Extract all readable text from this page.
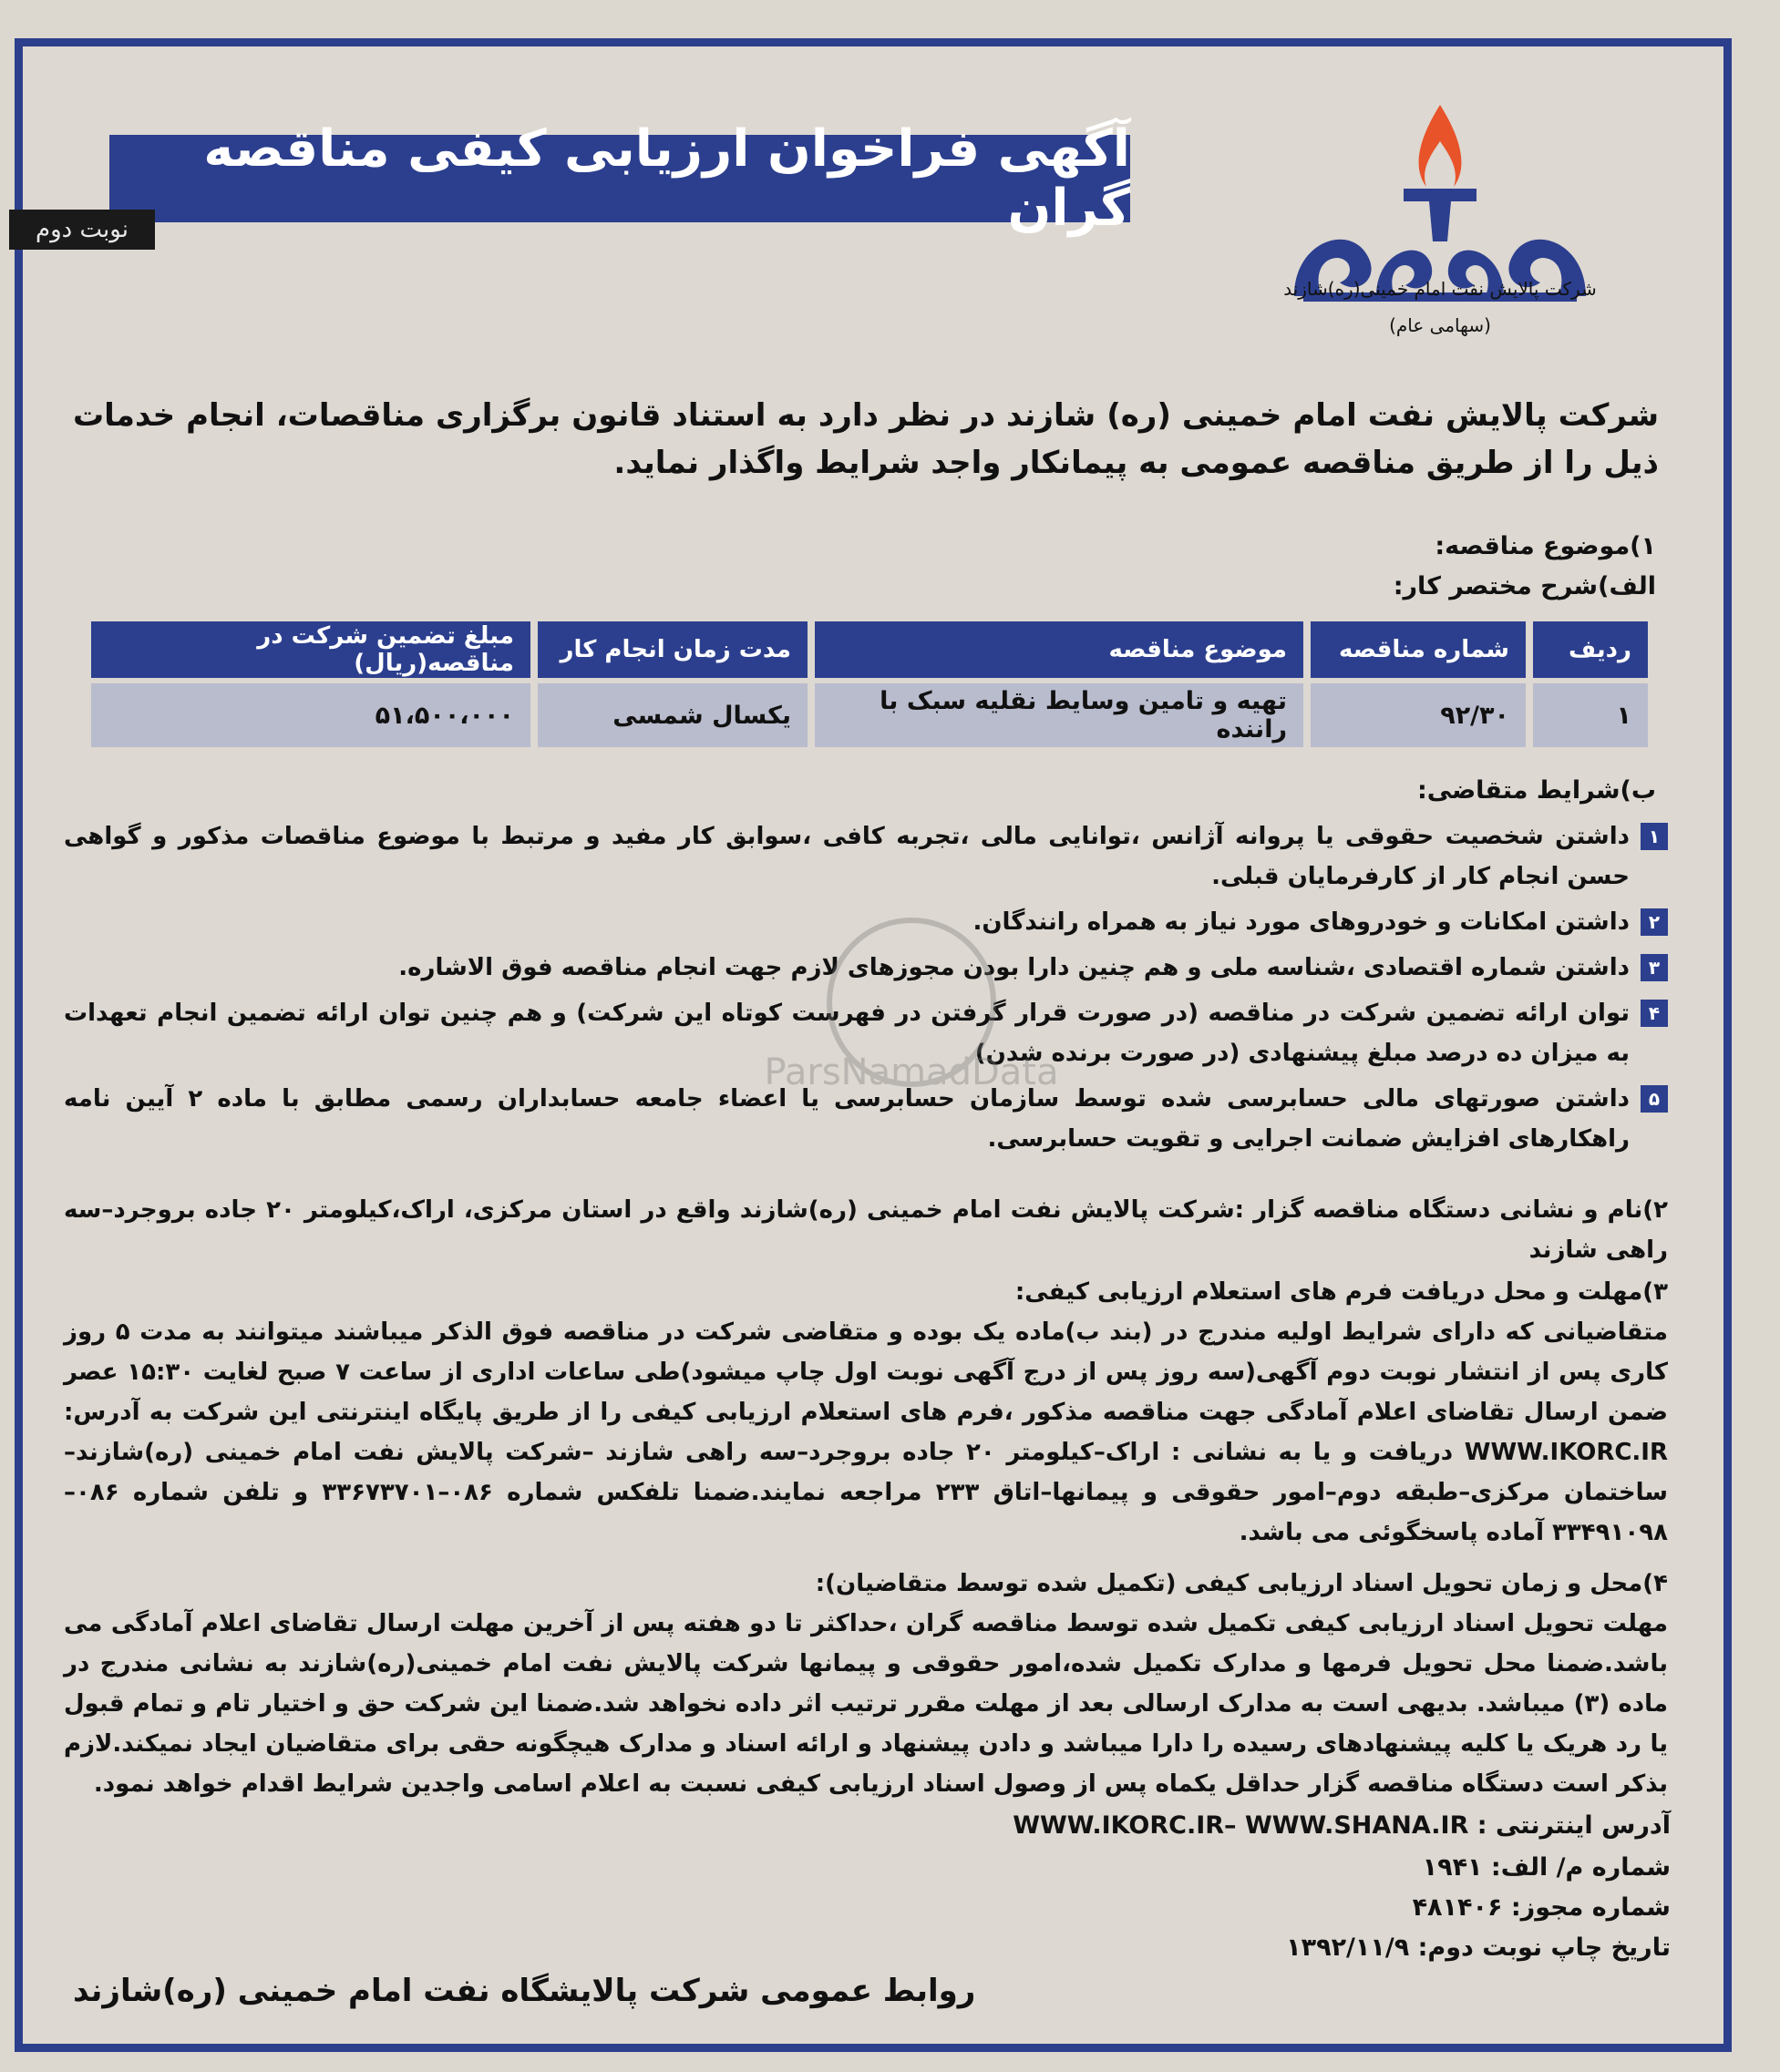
آگهی فراخوان ارزیابی کیفی مناقصه گران
نوبت دوم
شرکت پالایش نفت امام خمینی(ره)شازند
(سهامی عام)
شرکت پالایش نفت امام خمینی (ره) شازند در نظر دارد به استناد قانون برگزاری مناقصات، انجام خدمات ذیل را از طریق مناقصه عمومی به پیمانکار واجد شرایط واگذار نماید.
۱)موضوع مناقصه:
الف)شرح مختصر کار:
ردیف	شماره مناقصه	موضوع مناقصه	مدت زمان انجام کار	مبلغ تضمین شرکت در مناقصه(ریال)
۱	۹۲/۳۰	تهیه و تامین وسایط نقلیه سبک با راننده	یکسال شمسی	۵۱،۵۰۰،۰۰۰
ب)شرایط متقاضی:
۱
داشتن شخصیت حقوقی یا پروانه آژانس ،توانایی مالی ،تجربه کافی ،سوابق کار مفید و مرتبط با موضوع مناقصات مذکور و گواهی حسن انجام کار از کارفرمایان قبلی.
۲
داشتن امکانات و خودروهای مورد نیاز به همراه رانندگان.
۳
داشتن شماره اقتصادی ،شناسه ملی و هم چنین دارا بودن مجوزهای لازم جهت انجام مناقصه فوق الاشاره.
۴
توان ارائه تضمین شرکت در مناقصه (در صورت قرار گرفتن در فهرست کوتاه این شرکت) و هم چنین توان ارائه تضمین انجام تعهدات به میزان ده درصد مبلغ پیشنهادی (در صورت برنده شدن)
۵
داشتن صورتهای مالی حسابرسی شده توسط سازمان حسابرسی یا اعضاء جامعه حسابداران رسمی مطابق با ماده ۲ آیین نامه راهکارهای افزایش ضمانت اجرایی و تقویت حسابرسی.
۲)نام و نشانی دستگاه مناقصه گزار :شرکت پالایش نفت امام خمینی (ره)شازند واقع در استان مرکزی، اراک،کیلومتر ۲۰ جاده بروجرد–سه راهی شازند
۳)مهلت و محل دریافت فرم های استعلام ارزیابی کیفی:
متقاضیانی که دارای شرایط اولیه مندرج در (بند ب)ماده یک بوده و متقاضی شرکت در مناقصه فوق الذکر میباشند میتوانند به مدت ۵ روز کاری پس از انتشار نوبت دوم آگهی(سه روز پس از درج آگهی نوبت اول چاپ میشود)طی ساعات اداری از ساعت ۷ صبح لغایت ۱۵:۳۰ عصر ضمن ارسال تقاضای اعلام آمادگی جهت مناقصه مذکور ،فرم های استعلام ارزیابی کیفی را از طریق پایگاه اینترنتی این شرکت به آدرس: WWW.IKORC.IR دریافت و یا به نشانی : اراک–کیلومتر ۲۰ جاده بروجرد–سه راهی شازند –شرکت پالایش نفت امام خمینی (ره)شازند– ساختمان مرکزی–طبقه دوم–امور حقوقی و پیمانها–اتاق ۲۳۳ مراجعه نمایند.ضمنا تلفکس شماره ۰۸۶–۳۳۶۷۳۷۰۱ و تلفن شماره ۰۸۶–۳۳۴۹۱۰۹۸ آماده پاسخگوئی می باشد.
۴)محل و زمان تحویل اسناد ارزیابی کیفی (تکمیل شده توسط متقاضیان):
مهلت تحویل اسناد ارزیابی کیفی تکمیل شده توسط مناقصه گران ،حداکثر تا دو هفته پس از آخرین مهلت ارسال تقاضای اعلام آمادگی می باشد.ضمنا محل تحویل فرمها و مدارک تکمیل شده،امور حقوقی و پیمانها شرکت پالایش نفت امام خمینی(ره)شازند به نشانی مندرج در ماده (۳) میباشد. بدیهی است به مدارک ارسالی بعد از مهلت مقرر ترتیب اثر داده نخواهد شد.ضمنا این شرکت حق و اختیار تام و تمام قبول یا رد هریک یا کلیه پیشنهادهای رسیده را دارا میباشد و دادن پیشنهاد و ارائه اسناد و مدارک هیچگونه حقی برای متقاضیان ایجاد نمیکند.لازم بذکر است دستگاه مناقصه گزار حداقل یکماه پس از وصول اسناد ارزیابی کیفی نسبت به اعلام اسامی واجدین شرایط اقدام خواهد نمود.
آدرس اینترنتی : WWW.IKORC.IR– WWW.SHANA.IR
شماره م/ الف: ۱۹۴۱
شماره مجوز: ۴۸۱۴۰۶
تاریخ چاپ نوبت دوم: ۱۳۹۲/۱۱/۹
روابط عمومی شرکت پالایشگاه نفت امام خمینی (ره)شازند
ParsNamadData
